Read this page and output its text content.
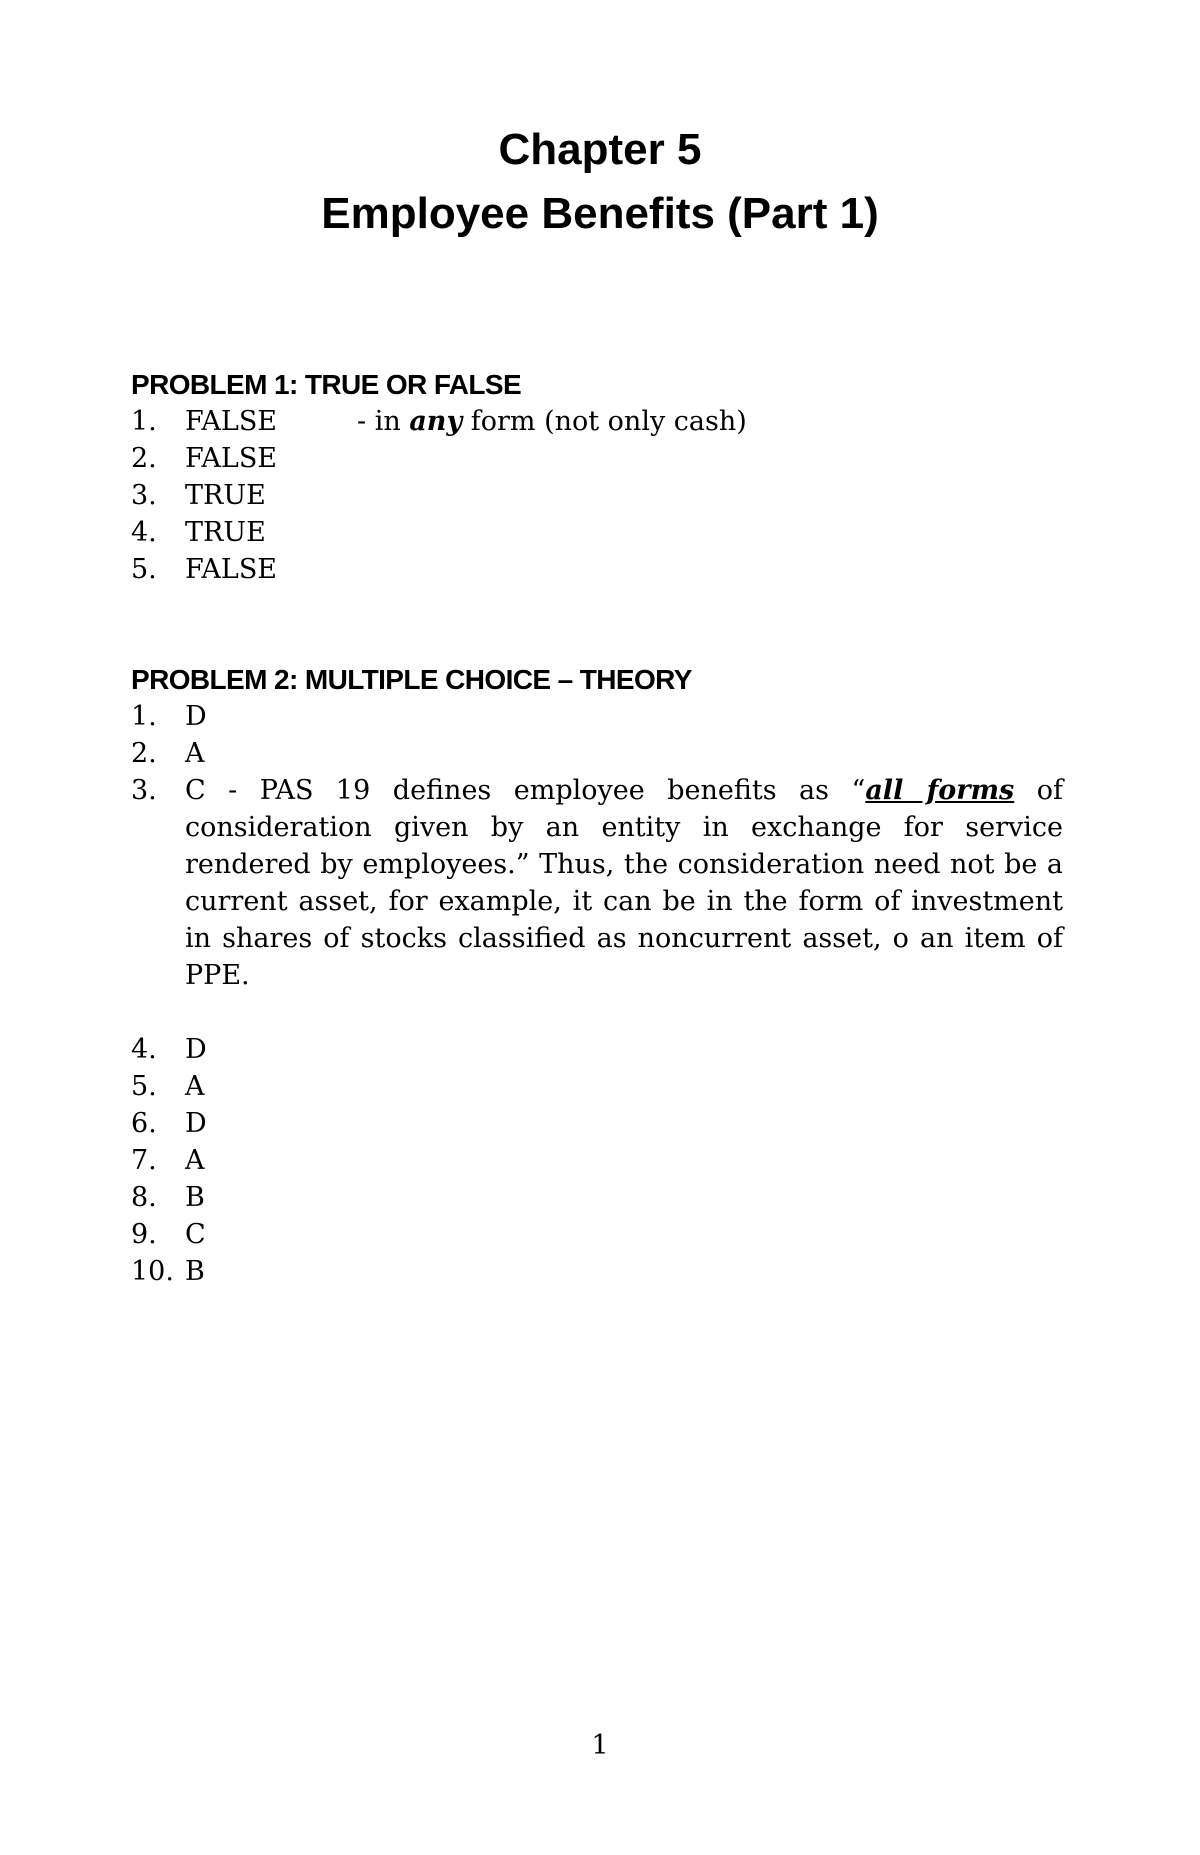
Chapter 5
Employee Benefits (Part 1)
PROBLEM 1: TRUE OR FALSE
1.	FALSE	- in any form (not only cash)
2.	FALSE
3.	TRUE
4.	TRUE
5.	FALSE
PROBLEM 2: MULTIPLE CHOICE – THEORY
1.	D
2.	A
3.	C - PAS 19 defines employee benefits as “all forms of consideration given by an entity in exchange for service rendered by employees.” Thus, the consideration need not be a current asset, for example, it can be in the form of investment in shares of stocks classified as noncurrent asset, o an item of PPE.
4.	D
5.	A
6.	D
7.	A
8.	B
9.	C
10. B
1
